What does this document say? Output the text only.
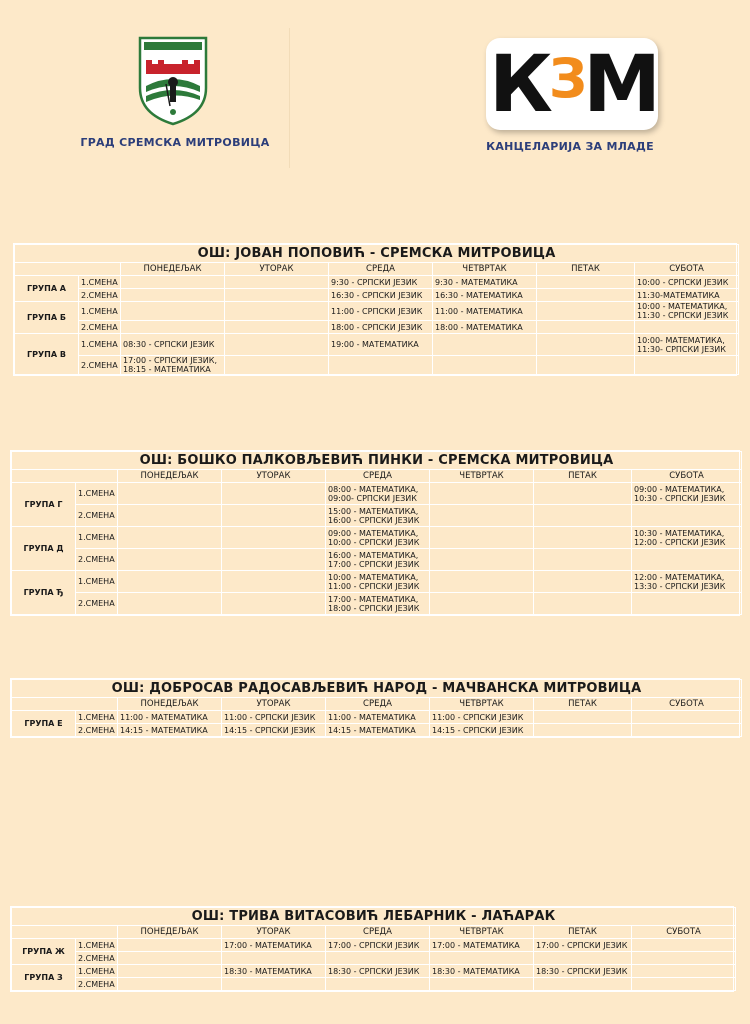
ГРАД СРЕМСКА МИТРОВИЦА
КЗМ
КАНЦЕЛАРИЈА ЗА МЛАДЕ
ОШ: ЈОВАН ПОПОВИЋ - СРЕМСКА МИТРОВИЦА							
		ПОНЕДЕЉАК	УТОРАК	СРЕДА	ЧЕТВРТАК	ПЕТАК	СУБОТА
ГРУПА А	1.СМЕНА			9:30 - СРПСКИ ЈЕЗИК	9:30 - МАТЕМАТИКА		10:00 - СРПСКИ ЈЕЗИК
	2.СМЕНА			16:30 - СРПСКИ ЈЕЗИК	16:30 - МАТЕМАТИКА		11:30-МАТЕМАТИКА
ГРУПА Б	1.СМЕНА			11:00 - СРПСКИ ЈЕЗИК	11:00 - МАТЕМАТИКА		10:00 - МАТЕМАТИКА, 11:30 - СРПСКИ ЈЕЗИК
	2.СМЕНА			18:00 - СРПСКИ ЈЕЗИК	18:00 - МАТЕМАТИКА		
ГРУПА В	1.СМЕНА	08:30 - СРПСКИ ЈЕЗИК		19:00 - МАТЕМАТИКА			10:00- МАТЕМАТИКА, 11:30- СРПСКИ ЈЕЗИК
	2.СМЕНА	17:00 - СРПСКИ ЈЕЗИК, 18:15 - МАТЕМАТИКА					
ОШ: БОШКО ПАЛКОВЉЕВИЋ ПИНКИ - СРЕМСКА МИТРОВИЦА							
		ПОНЕДЕЉАК	УТОРАК	СРЕДА	ЧЕТВРТАК	ПЕТАК	СУБОТА
ГРУПА Г	1.СМЕНА			08:00 - МАТЕМАТИКА, 09:00- СРПСКИ ЈЕЗИК			09:00 - МАТЕМАТИКА, 10:30 - СРПСКИ ЈЕЗИК
	2.СМЕНА			15:00 - МАТЕМАТИКА, 16:00 - СРПСКИ ЈЕЗИК			
ГРУПА Д	1.СМЕНА			09:00 - МАТЕМАТИКА, 10:00 - СРПСКИ ЈЕЗИК			10:30 - МАТЕМАТИКА, 12:00 - СРПСКИ ЈЕЗИК
	2.СМЕНА			16:00 - МАТЕМАТИКА, 17:00 - СРПСКИ ЈЕЗИК			
ГРУПА Ђ	1.СМЕНА			10:00 - МАТЕМАТИКА, 11:00 - СРПСКИ ЈЕЗИК			12:00 - МАТЕМАТИКА, 13:30 - СРПСКИ ЈЕЗИК
	2.СМЕНА			17:00 - МАТЕМАТИКА, 18:00 - СРПСКИ ЈЕЗИК			
ОШ: ДОБРОСАВ РАДОСАВЉЕВИЋ НАРОД - МАЧВАНСКА МИТРОВИЦА							
		ПОНЕДЕЉАК	УТОРАК	СРЕДА	ЧЕТВРТАК	ПЕТАК	СУБОТА
ГРУПА Е	1.СМЕНА	11:00 - МАТЕМАТИКА	11:00 - СРПСКИ ЈЕЗИК	11:00 - МАТЕМАТИКА	11:00 - СРПСКИ ЈЕЗИК		
	2.СМЕНА	14:15 - МАТЕМАТИКА	14:15 - СРПСКИ ЈЕЗИК	14:15 - МАТЕМАТИКА	14:15 - СРПСКИ ЈЕЗИК		
ОШ: ТРИВА ВИТАСОВИЋ ЛЕБАРНИК - ЛАЋАРАК							
		ПОНЕДЕЉАК	УТОРАК	СРЕДА	ЧЕТВРТАК	ПЕТАК	СУБОТА
ГРУПА Ж	1.СМЕНА		17:00 - МАТЕМАТИКА	17:00 - СРПСКИ ЈЕЗИК	17:00 - МАТЕМАТИКА	17:00 - СРПСКИ ЈЕЗИК	
	2.СМЕНА						
ГРУПА З	1.СМЕНА		18:30 - МАТЕМАТИКА	18:30 - СРПСКИ ЈЕЗИК	18:30 - МАТЕМАТИКА	18:30 - СРПСКИ ЈЕЗИК	
	2.СМЕНА						
